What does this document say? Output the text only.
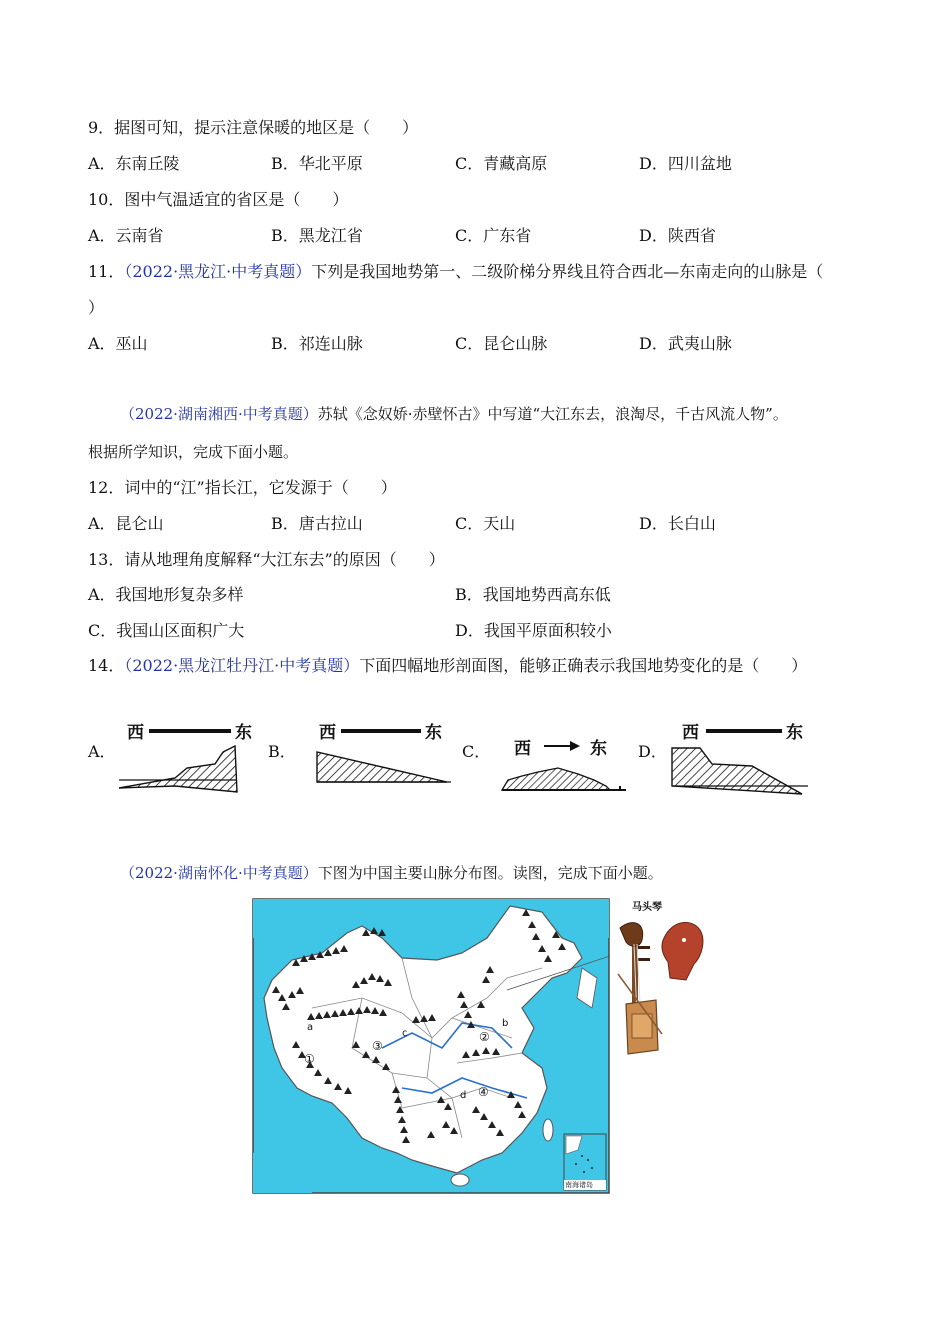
9．据图可知，提示注意保暖的地区是（　　）
A．东南丘陵	B．华北平原	C．青藏高原	D．四川盆地
10．图中气温适宜的省区是（　　）
A．云南省	B．黑龙江省	C．广东省	D．陕西省
11．（2022·黑龙江·中考真题）下列是我国地势第一、二级阶梯分界线且符合西北—东南走向的山脉是（
）
A．巫山	B．祁连山脉	C．昆仑山脉	D．武夷山脉
（2022·湖南湘西·中考真题）苏轼《念奴娇·赤壁怀古》中写道“大江东去，浪淘尽，千古风流人物”。
根据所学知识，完成下面小题。
12．词中的“江”指长江，它发源于（　　）
A．昆仑山	B．唐古拉山	C．天山	D．长白山
13．请从地理角度解释“大江东去”的原因（　　）
A．我国地形复杂多样	B．我国地势西高东低
C．我国山区面积广大	D．我国平原面积较小
14．（2022·黑龙江牡丹江·中考真题）下面四幅地形剖面图，能够正确表示我国地势变化的是（　　）
A．	B．	C．	D．
西	东	西	东
西	东
西	东
（2022·湖南怀化·中考真题）下图为中国主要山脉分布图。读图，完成下面小题。
①
②
③
④
a	b
c
d
南海诸岛
马头琴
